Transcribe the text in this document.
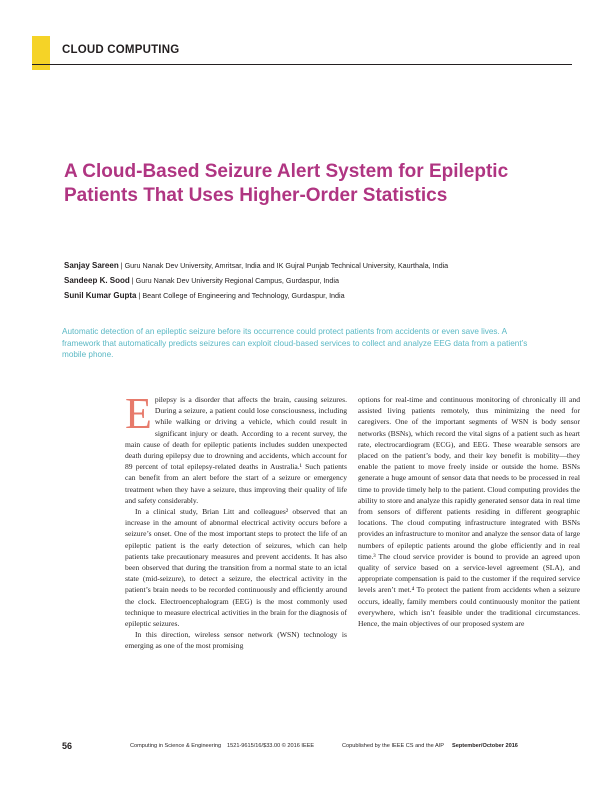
CLOUD COMPUTING
A Cloud-Based Seizure Alert System for Epileptic Patients That Uses Higher-Order Statistics
Sanjay Sareen | Guru Nanak Dev University, Amritsar, India and IK Gujral Punjab Technical University, Kaurthala, India
Sandeep K. Sood | Guru Nanak Dev University Regional Campus, Gurdaspur, India
Sunil Kumar Gupta | Beant College of Engineering and Technology, Gurdaspur, India
Automatic detection of an epileptic seizure before its occurrence could protect patients from accidents or even save lives. A framework that automatically predicts seizures can exploit cloud-based services to collect and analyze EEG data from a patient’s mobile phone.

Epilepsy is a disorder that affects the brain, causing seizures. During a seizure, a patient could lose consciousness, including while walking or driving a vehicle, which could result in significant injury or death. According to a recent survey, the main cause of death for epileptic patients includes sudden unexpected death during epilepsy due to drowning and accidents, which account for 89 percent of total epilepsy-related deaths in Australia.¹ Such patients can benefit from an alert before the start of a seizure or emergency treatment when they have a seizure, thus improving their quality of life and safety considerably.

In a clinical study, Brian Litt and colleagues² observed that an increase in the amount of abnormal electrical activity occurs before a seizure’s onset. One of the most important steps to protect the life of an epileptic patient is the early detection of seizures, which can help patients take precautionary measures and prevent accidents. It has also been observed that during the transition from a normal state to an ictal state (mid-seizure), to detect a seizure, the electrical activity in the patient’s brain needs to be recorded continuously and efficiently around the clock. Electroencephalogram (EEG) is the most commonly used technique to measure electrical activities in the brain for the diagnosis of epileptic seizures.

In this direction, wireless sensor network (WSN) technology is emerging as one of the most promising

options for real-time and continuous monitoring of chronically ill and assisted living patients remotely, thus minimizing the need for caregivers. One of the important segments of WSN is body sensor networks (BSNs), which record the vital signs of a patient such as heart rate, electrocardiogram (ECG), and EEG. These wearable sensors are placed on the patient’s body, and their key benefit is mobility—they enable the patient to move freely inside or outside the home. BSNs generate a huge amount of sensor data that needs to be processed in real time to provide timely help to the patient. Cloud computing provides the ability to store and analyze this rapidly generated sensor data in real time from sensors of different patients residing in different geographic locations. The cloud computing infrastructure integrated with BSNs provides an infrastructure to monitor and analyze the sensor data of large numbers of epileptic patients around the globe efficiently and in real time.³ The cloud service provider is bound to provide an agreed upon quality of service based on a service-level agreement (SLA), and appropriate compensation is paid to the customer if the required service levels aren’t met.⁴ To protect the patient from accidents when a seizure occurs, ideally, family members could continuously monitor the patient everywhere, which isn’t feasible under the traditional circumstances. Hence, the main objectives of our proposed system are

56	Computing in Science & Engineering 1521-9615/16/$33.00 © 2016 IEEE	Copublished by the IEEE CS and the AIP September/October 2016
